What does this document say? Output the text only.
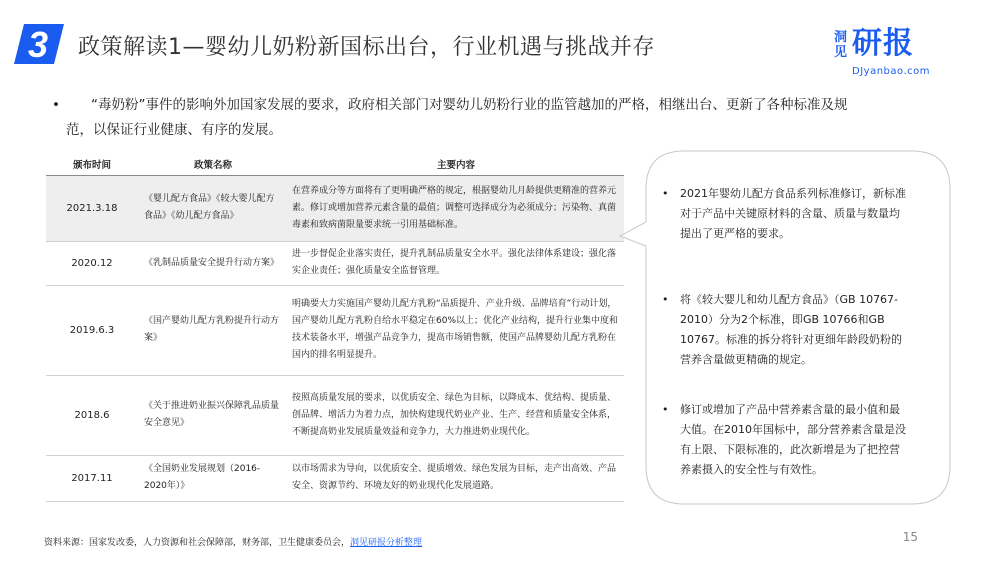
3 政策解读1—婴幼儿奶粉新国标出台，行业机遇与挑战并存	洞见 研报
DJyanbao.com
•	“毒奶粉”事件的影响外加国家发展的要求，政府相关部门对婴幼儿奶粉行业的监管越加的严格，相继出台、更新了各种标准及规范，以保证行业健康、有序的发展。
颁布时间	政策名称	主要内容
2021.3.18	《婴儿配方食品》《较大婴儿配方食品》《幼儿配方食品》	在营养成分等方面将有了更明确严格的规定，根据婴幼儿月龄提供更精准的营养元素。修订或增加营养元素含量的最值；调整可选择成分为必须成分；污染物、真菌毒素和致病菌限量要求统一引用基础标准。
2020.12	《乳制品质量安全提升行动方案》	进一步督促企业落实责任，提升乳制品质量安全水平。强化法律体系建设；强化落实企业责任；强化质量安全监督管理。
2019.6.3	《国产婴幼儿配方乳粉提升行动方案》	明确要大力实施国产婴幼儿配方乳粉“品质提升、产业升级、品牌培育”行动计划，国产婴幼儿配方乳粉自给水平稳定在60%以上；优化产业结构，提升行业集中度和技术装备水平，增强产品竞争力，提高市场销售额，使国产品牌婴幼儿配方乳粉在国内的排名明显提升。
2018.6	《关于推进奶业振兴保障乳品质量安全意见》	按照高质量发展的要求，以优质安全、绿色为目标，以降成本、优结构、提质量、创品牌、增活力为着力点，加快构建现代奶业产业、生产、经营和质量安全体系，不断提高奶业发展质量效益和竞争力，大力推进奶业现代化。
2017.11	《全国奶业发展规划（2016-2020年）》	以市场需求为导向，以优质安全、提质增效、绿色发展为目标，走产出高效、产品安全、资源节约、环境友好的奶业现代化发展道路。
•	2021年婴幼儿配方食品系列标准修订，新标准对于产品中关键原材料的含量、质量与数量均提出了更严格的要求。
•	将《较大婴儿和幼儿配方食品》（GB 10767-2010）分为2个标准，即GB 10766和GB 10767。标准的拆分将针对更细年龄段奶粉的营养含量做更精确的规定。
•	修订或增加了产品中营养素含量的最小值和最大值。在2010年国标中，部分营养素含量是没有上限、下限标准的，此次新增是为了把控营养素摄入的安全性与有效性。
资料来源：国家发改委，人力资源和社会保障部，财务部，卫生健康委员会，洞见研报分析整理	15
